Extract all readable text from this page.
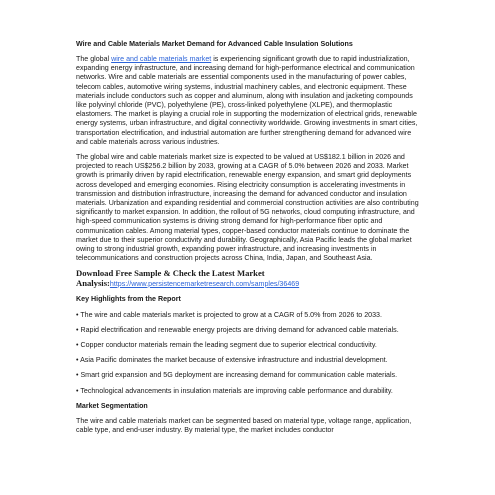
Wire and Cable Materials Market Demand for Advanced Cable Insulation Solutions

The global wire and cable materials market is experiencing significant growth due to rapid industrialization, expanding energy infrastructure, and increasing demand for high-performance electrical and communication networks. Wire and cable materials are essential components used in the manufacturing of power cables, telecom cables, automotive wiring systems, industrial machinery cables, and electronic equipment. These materials include conductors such as copper and aluminum, along with insulation and jacketing compounds like polyvinyl chloride (PVC), polyethylene (PE), cross-linked polyethylene (XLPE), and thermoplastic elastomers. The market is playing a crucial role in supporting the modernization of electrical grids, renewable energy systems, urban infrastructure, and digital connectivity worldwide. Growing investments in smart cities, transportation electrification, and industrial automation are further strengthening demand for advanced wire and cable materials across various industries.

The global wire and cable materials market size is expected to be valued at US$182.1 billion in 2026 and projected to reach US$256.2 billion by 2033, growing at a CAGR of 5.0% between 2026 and 2033. Market growth is primarily driven by rapid electrification, renewable energy expansion, and smart grid deployments across developed and emerging economies. Rising electricity consumption is accelerating investments in transmission and distribution infrastructure, increasing the demand for advanced conductor and insulation materials. Urbanization and expanding residential and commercial construction activities are also contributing significantly to market expansion. In addition, the rollout of 5G networks, cloud computing infrastructure, and high-speed communication systems is driving strong demand for high-performance fiber optic and communication cables. Among material types, copper-based conductor materials continue to dominate the market due to their superior conductivity and durability. Geographically, Asia Pacific leads the global market owing to strong industrial growth, expanding power infrastructure, and increasing investments in telecommunications and construction projects across China, India, Japan, and Southeast Asia.

Download Free Sample & Check the Latest Market Analysis:https://www.persistencemarketresearch.com/samples/36469
Key Highlights from the Report
• The wire and cable materials market is projected to grow at a CAGR of 5.0% from 2026 to 2033.
• Rapid electrification and renewable energy projects are driving demand for advanced cable materials.
• Copper conductor materials remain the leading segment due to superior electrical conductivity.
• Asia Pacific dominates the market because of extensive infrastructure and industrial development.
• Smart grid expansion and 5G deployment are increasing demand for communication cable materials.
• Technological advancements in insulation materials are improving cable performance and durability.
Market Segmentation

The wire and cable materials market can be segmented based on material type, voltage range, application, cable type, and end-user industry. By material type, the market includes conductor
